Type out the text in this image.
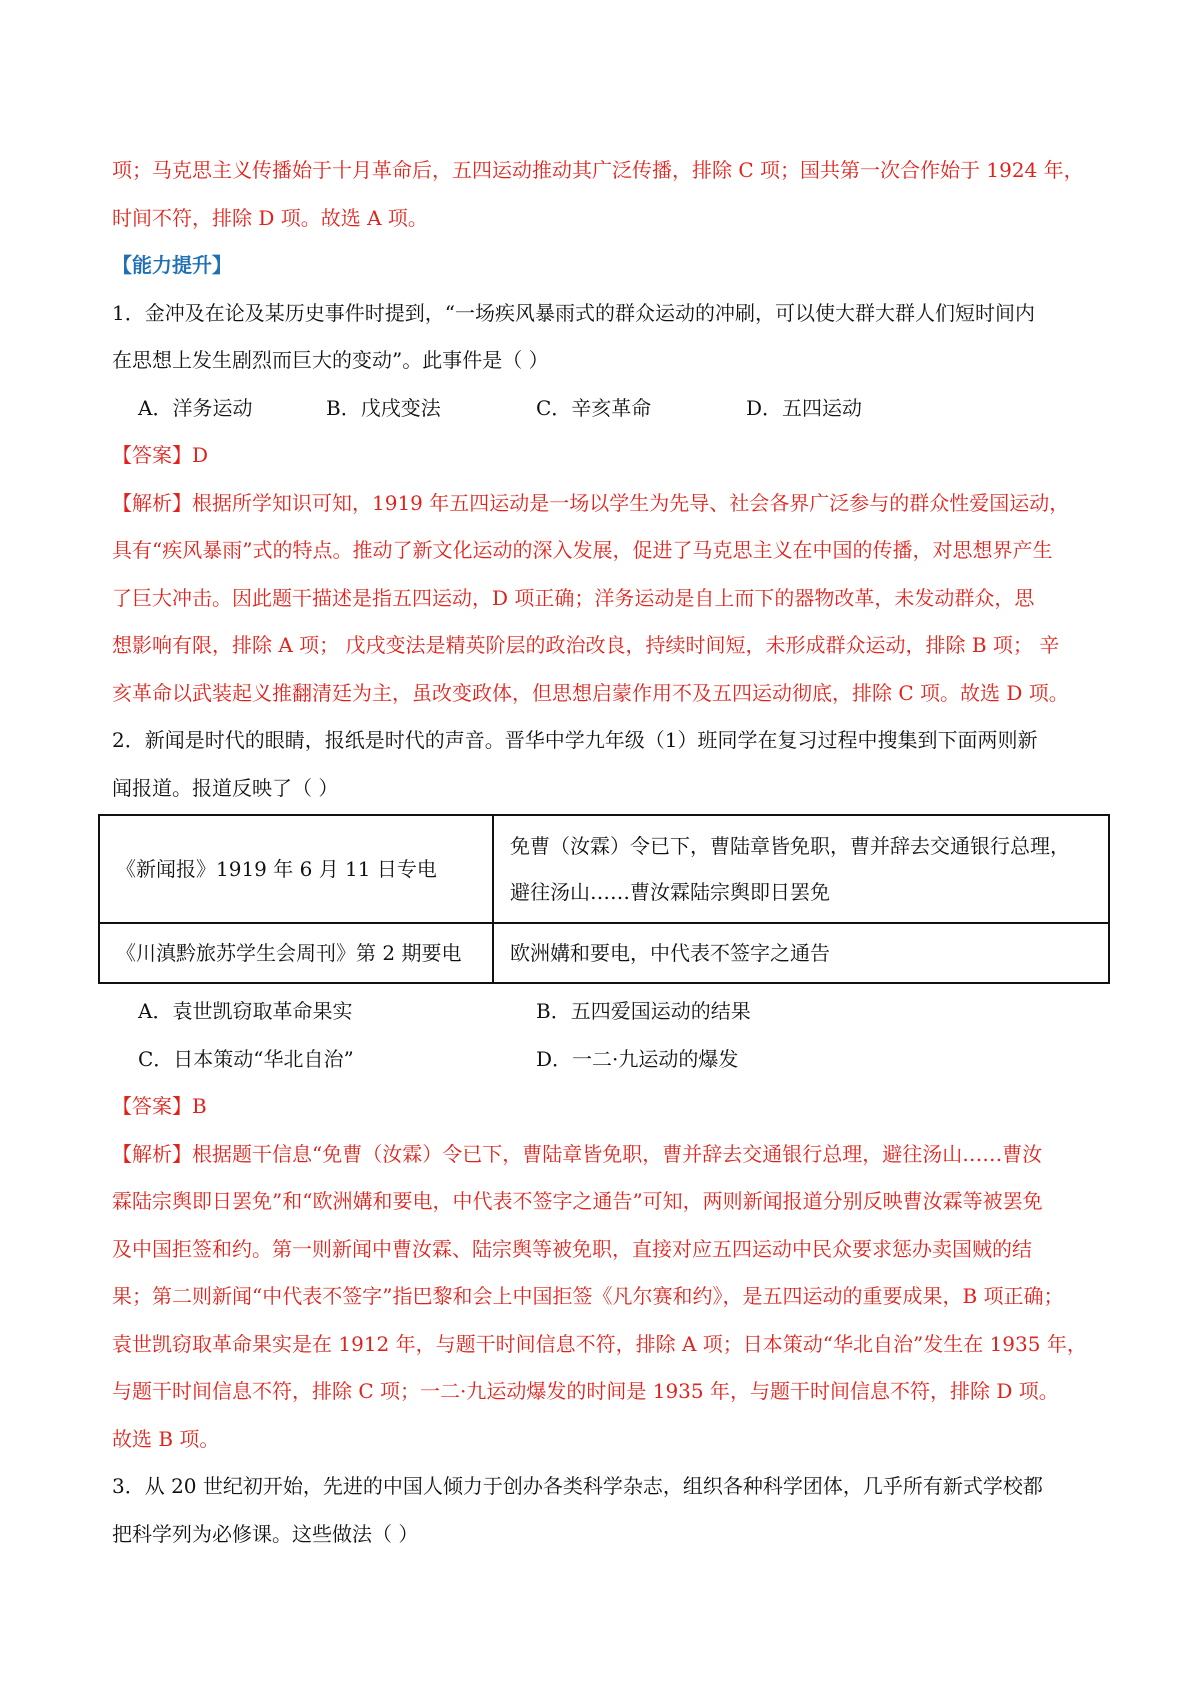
项；马克思主义传播始于十月革命后，五四运动推动其广泛传播，排除 C 项；国共第一次合作始于 1924 年，
时间不符，排除 D 项。故选 A 项。
【能力提升】
1．金冲及在论及某历史事件时提到，“一场疾风暴雨式的群众运动的冲刷，可以使大群大群人们短时间内
在思想上发生剧烈而巨大的变动”。此事件是（ ）
A．洋务运动	B．戊戌变法	C．辛亥革命	D．五四运动
【答案】D
【解析】根据所学知识可知，1919 年五四运动是一场以学生为先导、社会各界广泛参与的群众性爱国运动，
具有“疾风暴雨”式的特点。推动了新文化运动的深入发展，促进了马克思主义在中国的传播，对思想界产生
了巨大冲击。因此题干描述是指五四运动，D 项正确；洋务运动是自上而下的器物改革，未发动群众，思
想影响有限，排除 A 项； 戊戌变法是精英阶层的政治改良，持续时间短，未形成群众运动，排除 B 项； 辛
亥革命以武装起义推翻清廷为主，虽改变政体，但思想启蒙作用不及五四运动彻底，排除 C 项。故选 D 项。
2．新闻是时代的眼睛，报纸是时代的声音。晋华中学九年级（1）班同学在复习过程中搜集到下面两则新
闻报道。报道反映了（ ）
《新闻报》1919 年 6 月 11 日专电	免曹（汝霖）令已下，曹陆章皆免职，曹并辞去交通银行总理，
避往汤山……曹汝霖陆宗舆即日罢免

《川滇黔旅苏学生会周刊》第 2 期要电	欧洲媾和要电，中代表不签字之通告
A．袁世凯窃取革命果实	B．五四爱国运动的结果
C．日本策动“华北自治”	D．一二·九运动的爆发
【答案】B
【解析】根据题干信息“免曹（汝霖）令已下，曹陆章皆免职，曹并辞去交通银行总理，避往汤山……曹汝
霖陆宗舆即日罢免”和“欧洲媾和要电，中代表不签字之通告”可知，两则新闻报道分别反映曹汝霖等被罢免
及中国拒签和约。第一则新闻中曹汝霖、陆宗舆等被免职，直接对应五四运动中民众要求惩办卖国贼的结
果；第二则新闻“中代表不签字”指巴黎和会上中国拒签《凡尔赛和约》，是五四运动的重要成果，B 项正确；
袁世凯窃取革命果实是在 1912 年，与题干时间信息不符，排除 A 项；日本策动“华北自治”发生在 1935 年，
与题干时间信息不符，排除 C 项；一二·九运动爆发的时间是 1935 年，与题干时间信息不符，排除 D 项。
故选 B 项。
3．从 20 世纪初开始，先进的中国人倾力于创办各类科学杂志，组织各种科学团体，几乎所有新式学校都
把科学列为必修课。这些做法（ ）
